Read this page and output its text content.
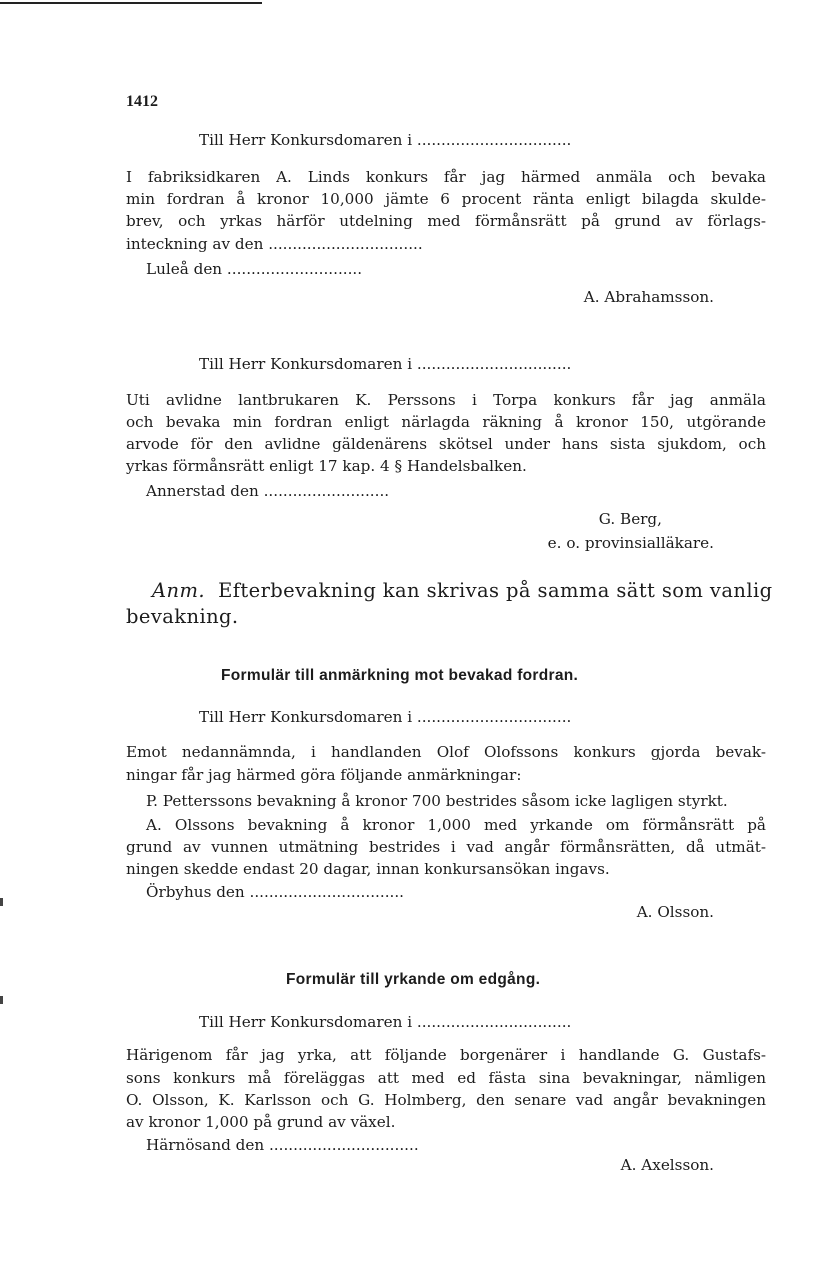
1412
Till Herr Konkursdomaren i ................................
I fabriksidkaren A. Linds konkurs får jag härmed anmäla och bevaka
min fordran å kronor 10,000 jämte 6 procent ränta enligt bilagda skulde-
brev, och yrkas härför utdelning med förmånsrätt på grund av förlags-
inteckning av den ................................
Luleå den ............................
A. Abrahamsson.
Till Herr Konkursdomaren i ................................
Uti avlidne lantbrukaren K. Perssons i Torpa konkurs får jag anmäla
och bevaka min fordran enligt närlagda räkning å kronor 150, utgörande
arvode för den avlidne gäldenärens skötsel under hans sista sjukdom, och
yrkas förmånsrätt enligt 17 kap. 4 § Handelsbalken.
Annerstad den ..........................
G. Berg,
e. o. provinsialläkare.
Anm. Efterbevakning kan skrivas på samma sätt som vanlig
bevakning.
Formulär till anmärkning mot bevakad fordran.
Till Herr Konkursdomaren i ................................
Emot nedannämnda, i handlanden Olof Olofssons konkurs gjorda bevak-
ningar får jag härmed göra följande anmärkningar:
P. Petterssons bevakning å kronor 700 bestrides såsom icke lagligen styrkt.
A. Olssons bevakning å kronor 1,000 med yrkande om förmånsrätt på
grund av vunnen utmätning bestrides i vad angår förmånsrätten, då utmät-
ningen skedde endast 20 dagar, innan konkursansökan ingavs.
Örbyhus den ................................
A. Olsson.
Formulär till yrkande om edgång.
Till Herr Konkursdomaren i ................................
Härigenom får jag yrka, att följande borgenärer i handlande G. Gustafs-
sons konkurs må föreläggas att med ed fästa sina bevakningar, nämligen
O. Olsson, K. Karlsson och G. Holmberg, den senare vad angår bevakningen
av kronor 1,000 på grund av växel.
Härnösand den ...............................
A. Axelsson.
